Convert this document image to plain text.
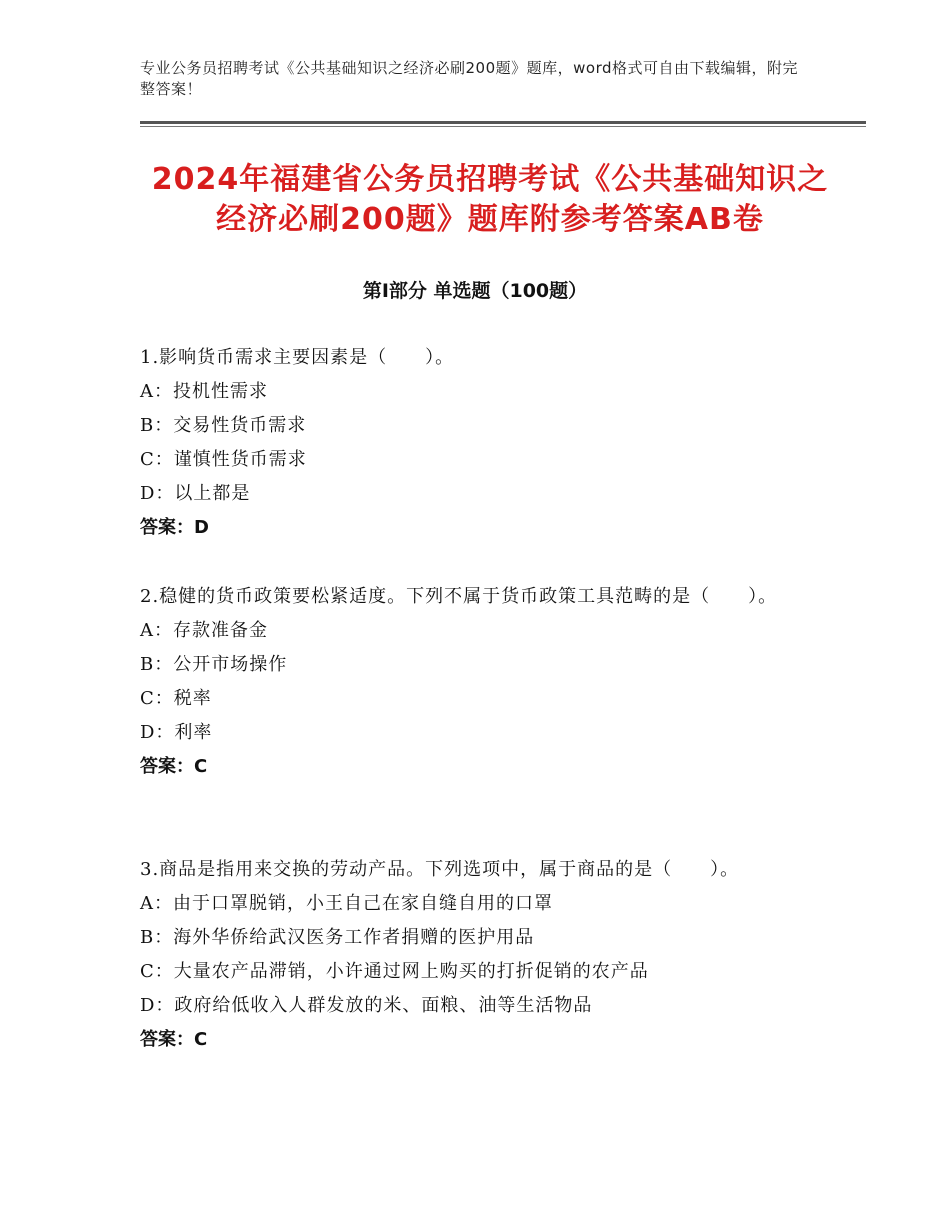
专业公务员招聘考试《公共基础知识之经济必刷200题》题库，word格式可自由下载编辑，附完整答案！
2024年福建省公务员招聘考试《公共基础知识之经济必刷200题》题库附参考答案AB卷
第Ⅰ部分 单选题（100题）
1.影响货币需求主要因素是（　　）。
A：投机性需求
B：交易性货币需求
C：谨慎性货币需求
D：以上都是
答案：D
2.稳健的货币政策要松紧适度。下列不属于货币政策工具范畴的是（　　）。
A：存款准备金
B：公开市场操作
C：税率
D：利率
答案：C
3.商品是指用来交换的劳动产品。下列选项中，属于商品的是（　　）。
A：由于口罩脱销，小王自己在家自缝自用的口罩
B：海外华侨给武汉医务工作者捐赠的医护用品
C：大量农产品滞销，小许通过网上购买的打折促销的农产品
D：政府给低收入人群发放的米、面粮、油等生活物品
答案：C
